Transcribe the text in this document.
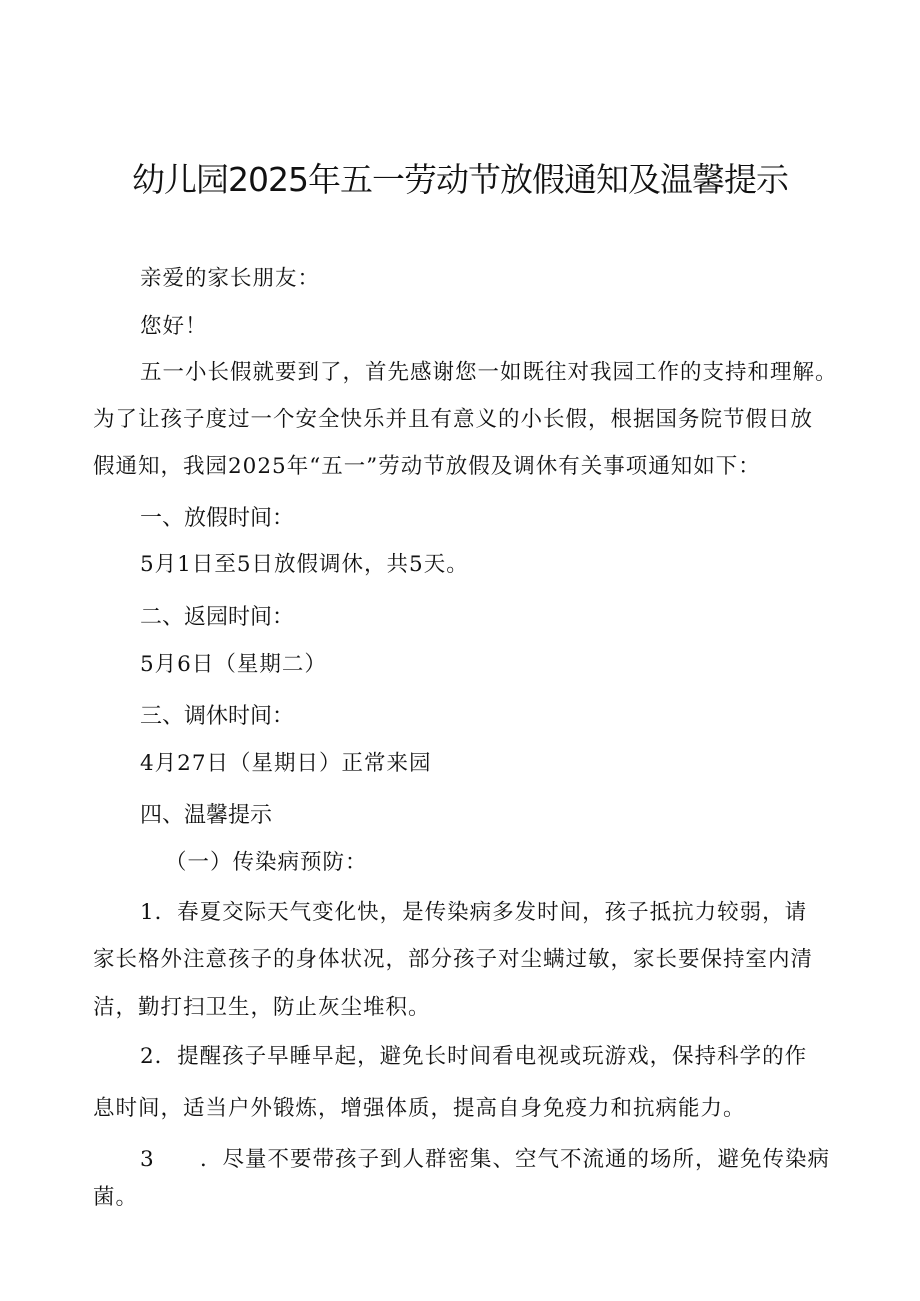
幼儿园2025年五一劳动节放假通知及温馨提示
亲爱的家长朋友：
您好！
五一小长假就要到了，首先感谢您一如既往对我园工作的支持和理解。
为了让孩子度过一个安全快乐并且有意义的小长假，根据国务院节假日放
假通知，我园2025年“五一”劳动节放假及调休有关事项通知如下：
一、放假时间：
5月1日至5日放假调休，共5天。
二、返园时间：
5月6日（星期二）
三、调休时间：
4月27日（星期日）正常来园
四、温馨提示
（一）传染病预防：
1．春夏交际天气变化快，是传染病多发时间，孩子抵抗力较弱，请
家长格外注意孩子的身体状况，部分孩子对尘螨过敏，家长要保持室内清
洁，勤打扫卫生，防止灰尘堆积。
2．提醒孩子早睡早起，避免长时间看电视或玩游戏，保持科学的作
息时间，适当户外锻炼，增强体质，提高自身免疫力和抗病能力。
3 ．尽量不要带孩子到人群密集、空气不流通的场所，避免传染病
菌。
